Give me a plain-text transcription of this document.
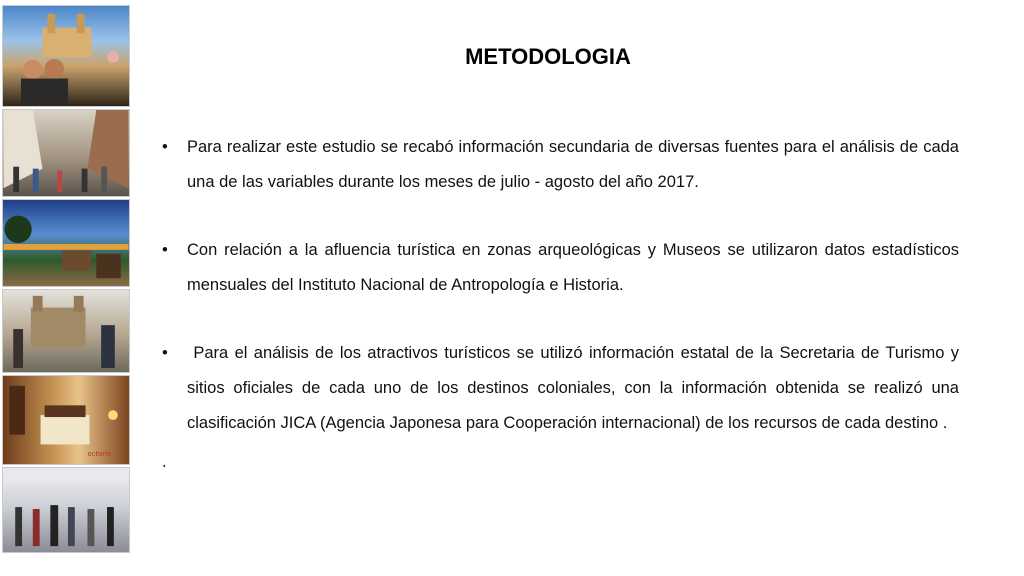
octorio
METODOLOGIA
•	Para realizar este estudio se recabó información secundaria de diversas fuentes para el análisis de cada una de las variables durante los meses de julio - agosto del año 2017.
•	Con relación a la afluencia turística en zonas arqueológicas y Museos se utilizaron datos estadísticos mensuales del Instituto Nacional de Antropología e Historia.
•	Para el análisis de los atractivos turísticos se utilizó información estatal de la Secretaria de Turismo y sitios oficiales de cada uno de los destinos coloniales, con la información obtenida se realizó una clasificación JICA (Agencia Japonesa para Cooperación internacional) de los recursos de cada destino .
.
